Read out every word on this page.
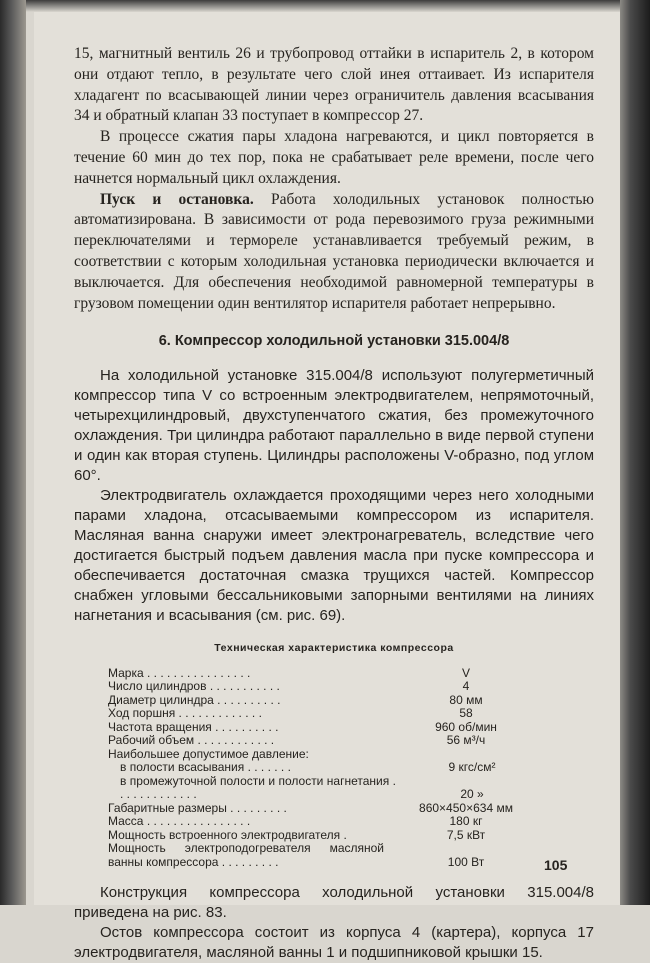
15, магнитный вентиль 26 и трубопровод оттайки в испаритель 2, в котором они отдают тепло, в результате чего слой инея оттаивает. Из испарителя хладагент по всасывающей линии через ограничитель давления всасывания 34 и обратный клапан 33 поступает в компрессор 27.

В процессе сжатия пары хладона нагреваются, и цикл повторяется в течение 60 мин до тех пор, пока не срабатывает реле времени, после чего начнется нормальный цикл охлаждения.

Пуск и остановка. Работа холодильных установок полностью автоматизирована. В зависимости от рода перевозимого груза режимными переключателями и термореле устанавливается требуемый режим, в соответствии с которым холодильная установка периодически включается и выключается. Для обеспечения необходимой равномерной температуры в грузовом помещении один вентилятор испарителя работает непрерывно.

6. Компрессор холодильной установки 315.004/8

На холодильной установке 315.004/8 используют полугерметичный компрессор типа V со встроенным электродвигателем, непрямоточный, четырехцилиндровый, двухступенчатого сжатия, без промежуточного охлаждения. Три цилиндра работают параллельно в виде первой ступени и один как вторая ступень. Цилиндры расположены V-образно, под углом 60°.

Электродвигатель охлаждается проходящими через него холодными парами хладона, отсасываемыми компрессором из испарителя. Масляная ванна снаружи имеет электронагреватель, вследствие чего достигается быстрый подъем давления масла при пуске компрессора и обеспечивается достаточная смазка трущихся частей. Компрессор снабжен угловыми бессальниковыми запорными вентилями на линиях нагнетания и всасывания (см. рис. 69).

Техническая характеристика компрессора

Марка . . . . . . . . . . . . . . . .	V
Число цилиндров . . . . . . . . . . .	4
Диаметр цилиндра . . . . . . . . . .	80 мм
Ход поршня . . . . . . . . . . . . .	58
Частота вращения . . . . . . . . . .	960 об/мин
Рабочий объем . . . . . . . . . . . .	56 м³/ч
Наибольшее допустимое давление:
в полости всасывания . . . . . . .	9 кгс/см²
в промежуточной полости и полости нагнетания . . . . . . . . . . . . .	20 »
Габаритные размеры . . . . . . . . .	860×450×634 мм
Масса . . . . . . . . . . . . . . . .	180 кг
Мощность встроенного электродвигателя .	7,5 кВт
Мощность электроподогревателя масляной ванны компрессора . . . . . . . . .	100 Вт

Конструкция компрессора холодильной установки 315.004/8 приведена на рис. 83.

Остов компрессора состоит из корпуса 4 (картера), корпуса 17 электродвигателя, масляной ванны 1 и подшипниковой крышки 15.

105
